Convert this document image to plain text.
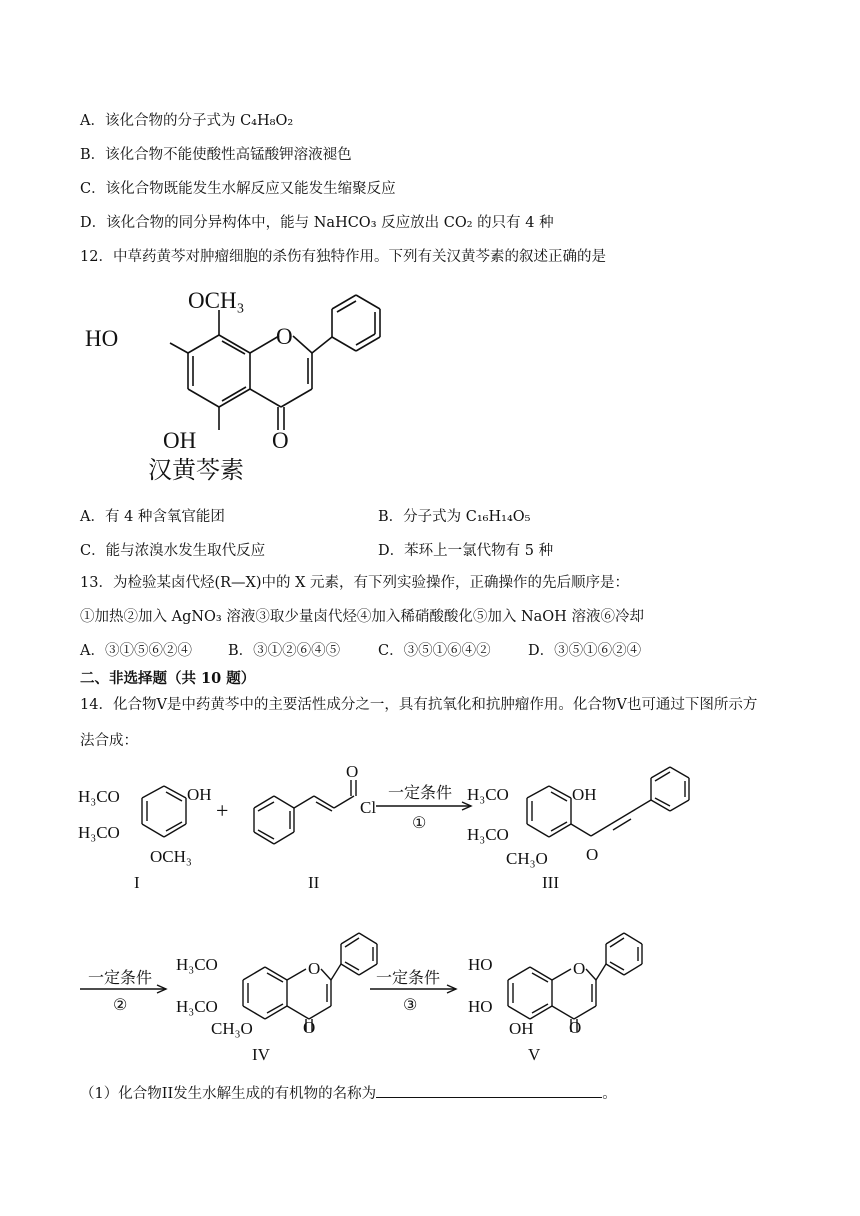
A．该化合物的分子式为 C₄H₈O₂
B．该化合物不能使酸性高锰酸钾溶液褪色
C．该化合物既能发生水解反应又能发生缩聚反应
D．该化合物的同分异构体中，能与 NaHCO₃ 反应放出 CO₂ 的只有 4 种
12．中草药黄芩对肿瘤细胞的杀伤有独特作用。下列有关汉黄芩素的叙述正确的是
OCH₃
HO	O
OH	O
汉黄芩素
A．有 4 种含氧官能团	B．分子式为 C₁₆H₁₄O₅
C．能与浓溴水发生取代反应	D．苯环上一氯代物有 5 种
13．为检验某卤代烃(R—X)中的 X 元素，有下列实验操作，正确操作的先后顺序是：
①加热②加入 AgNO₃ 溶液③取少量卤代烃④加入稀硝酸酸化⑤加入 NaOH 溶液⑥冷却
A．③①⑤⑥②④ B．③①②⑥④⑤	C．③⑤①⑥④②	D．③⑤①⑥②④
二、非选择题（共 10 题）
14．化合物V是中药黄芩中的主要活性成分之一，具有抗氧化和抗肿瘤作用。化合物V也可通过下图所示方
法合成：
H₃CO	OH
H₃CO
OCH₃
I
+
O
Cl
II
一定条件
①
H₃CO	OH
H₃CO
CH₃O O
III
一定条件
②
H₃CO	O
H₃CO
CH₃O	O
IV
一定条件
③
HO	O
HO
OH O
V
（1）化合物II发生水解生成的有机物的名称为	。
